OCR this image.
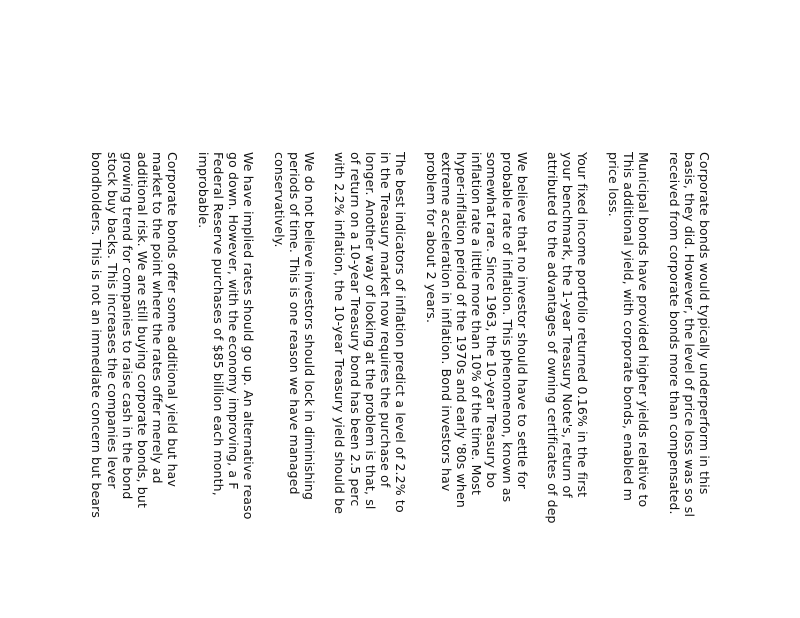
Corporate bonds would typically underperform in this
basis, they did. However, the level of price loss was so sl
received from corporate bonds more than compensated.
Municipal bonds have provided higher yields relative to
This additional yield, with corporate bonds, enabled m
price loss.
Your fixed income portfolio returned 0.16% in the first
your benchmark, the 1-year Treasury Note's, return of
attributed to the advantages of owning certificates of dep
We believe that no investor should have to settle for
probable rate of inflation. This phenomenon, known as
somewhat rare. Since 1963, the 10-year Treasury bo
inflation rate a little more than 10% of the time. Most
hyper-inflation period of the 1970s and early '80s when
extreme acceleration in inflation. Bond investors hav
problem for about 2 years.
The best indicators of inflation predict a level of 2.2% to
in the Treasury market now requires the purchase of
longer. Another way of looking at the problem is that, sl
of return on a 10-year Treasury bond has been 2.5 perc
with 2.2% inflation, the 10-year Treasury yield should be
We do not believe investors should lock in diminishing
periods of time. This is one reason we have managed
conservatively.
We have implied rates should go up. An alternative reaso
go down. However, with the economy improving, a F
Federal Reserve purchases of $85 billion each month,
improbable.
Corporate bonds offer some additional yield but hav
market to the point where the rates offer merely ad
additional risk. We are still buying corporate bonds, but
growing trend for companies to raise cash in the bond
stock buy backs. This increases the companies lever
bondholders. This is not an immediate concern but bears
